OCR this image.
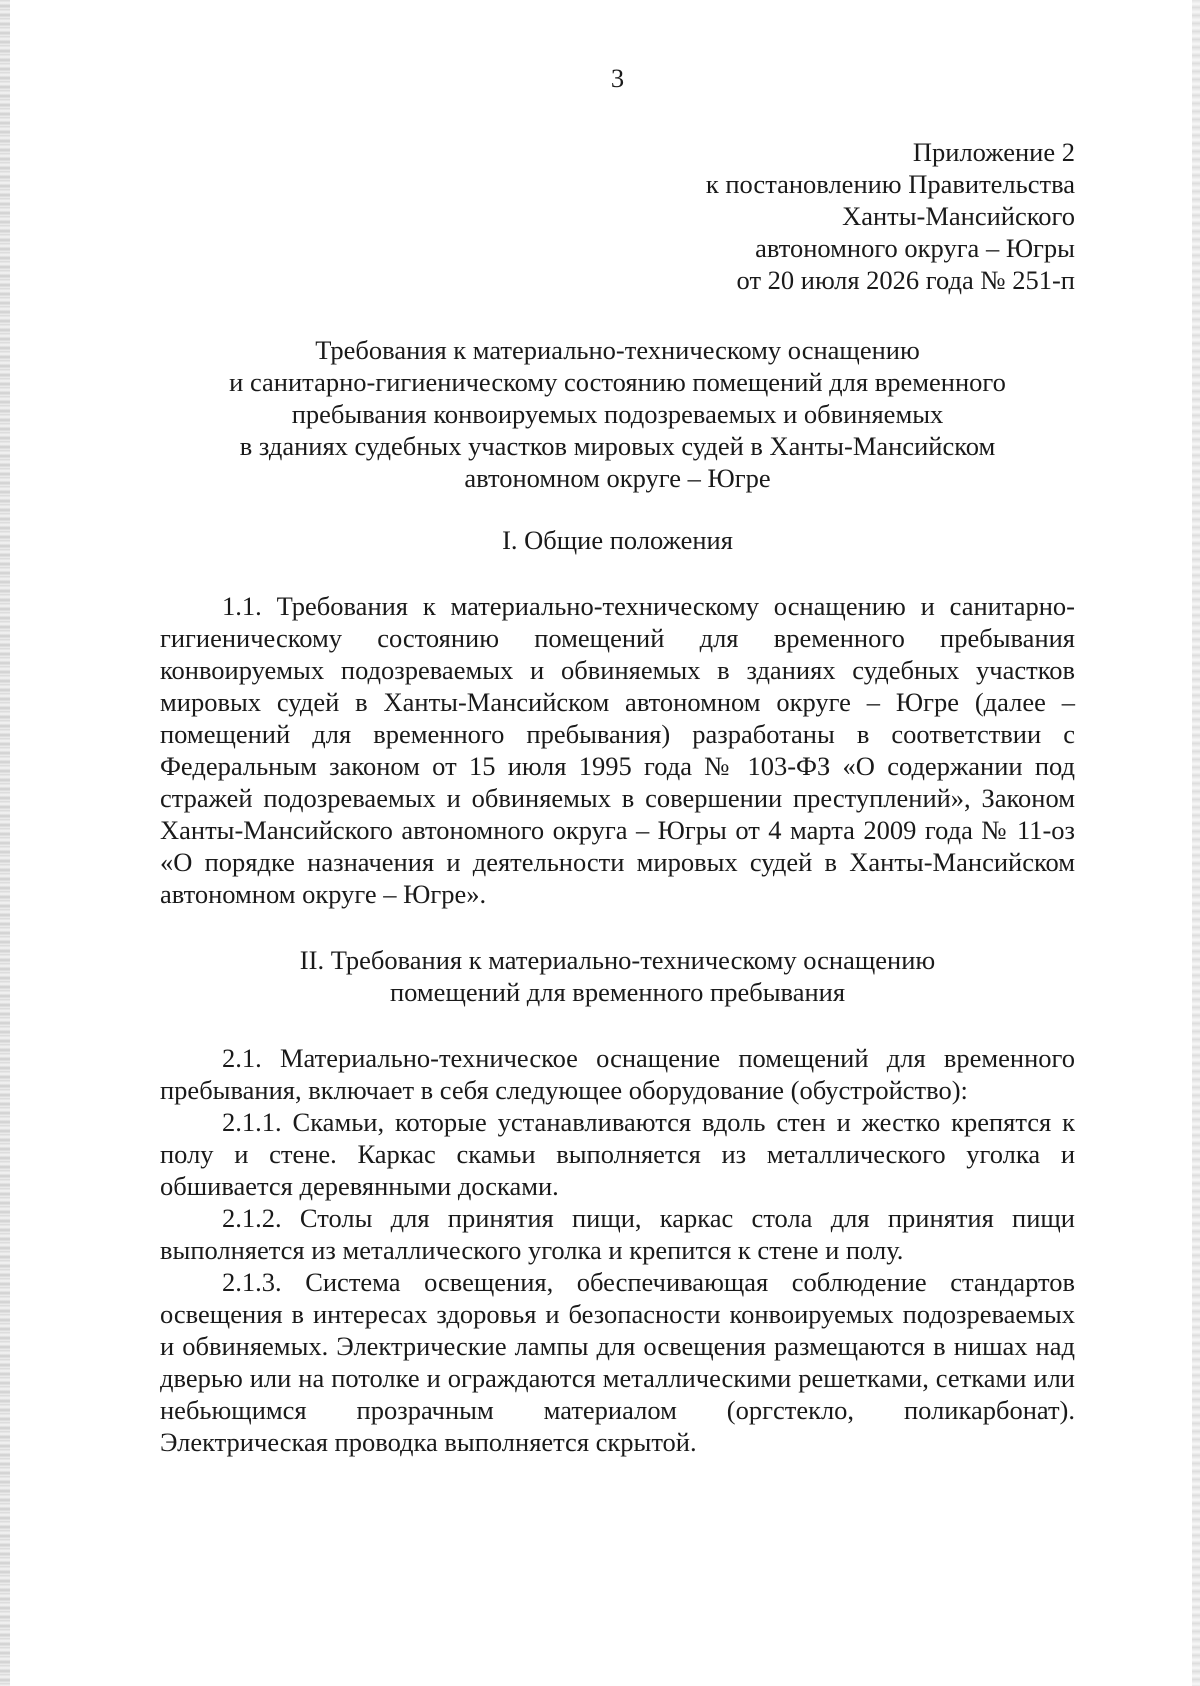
3
Приложение 2
к постановлению Правительства
Ханты-Мансийского
автономного округа – Югры
от 20 июля 2026 года № 251-п
Требования к материально-техническому оснащению
и санитарно-гигиеническому состоянию помещений для временного
пребывания конвоируемых подозреваемых и обвиняемых
в зданиях судебных участков мировых судей в Ханты-Мансийском
автономном округе – Югре
I. Общие положения

1.1. Требования к материально-техническому оснащению и санитарно-гигиеническому состоянию помещений для временного пребывания конвоируемых подозреваемых и обвиняемых в зданиях судебных участков мировых судей в Ханты-Мансийском автономном округе – Югре (далее – помещений для временного пребывания) разработаны в соответствии с Федеральным законом от 15 июля 1995 года № 103-ФЗ «О содержании под стражей подозреваемых и обвиняемых в совершении преступлений», Законом Ханты-Мансийского автономного округа – Югры от 4 марта 2009 года № 11-оз «О порядке назначения и деятельности мировых судей в Ханты-Мансийском автономном округе – Югре».

II. Требования к материально-техническому оснащению
помещений для временного пребывания

2.1. Материально-техническое оснащение помещений для временного пребывания, включает в себя следующее оборудование (обустройство):

2.1.1. Скамьи, которые устанавливаются вдоль стен и жестко крепятся к полу и стене. Каркас скамьи выполняется из металлического уголка и обшивается деревянными досками.

2.1.2. Столы для принятия пищи, каркас стола для принятия пищи выполняется из металлического уголка и крепится к стене и полу.

2.1.3. Система освещения, обеспечивающая соблюдение стандартов освещения в интересах здоровья и безопасности конвоируемых подозреваемых и обвиняемых. Электрические лампы для освещения размещаются в нишах над дверью или на потолке и ограждаются металлическими решетками, сетками или небьющимся прозрачным материалом (оргстекло, поликарбонат). Электрическая проводка выполняется скрытой.
